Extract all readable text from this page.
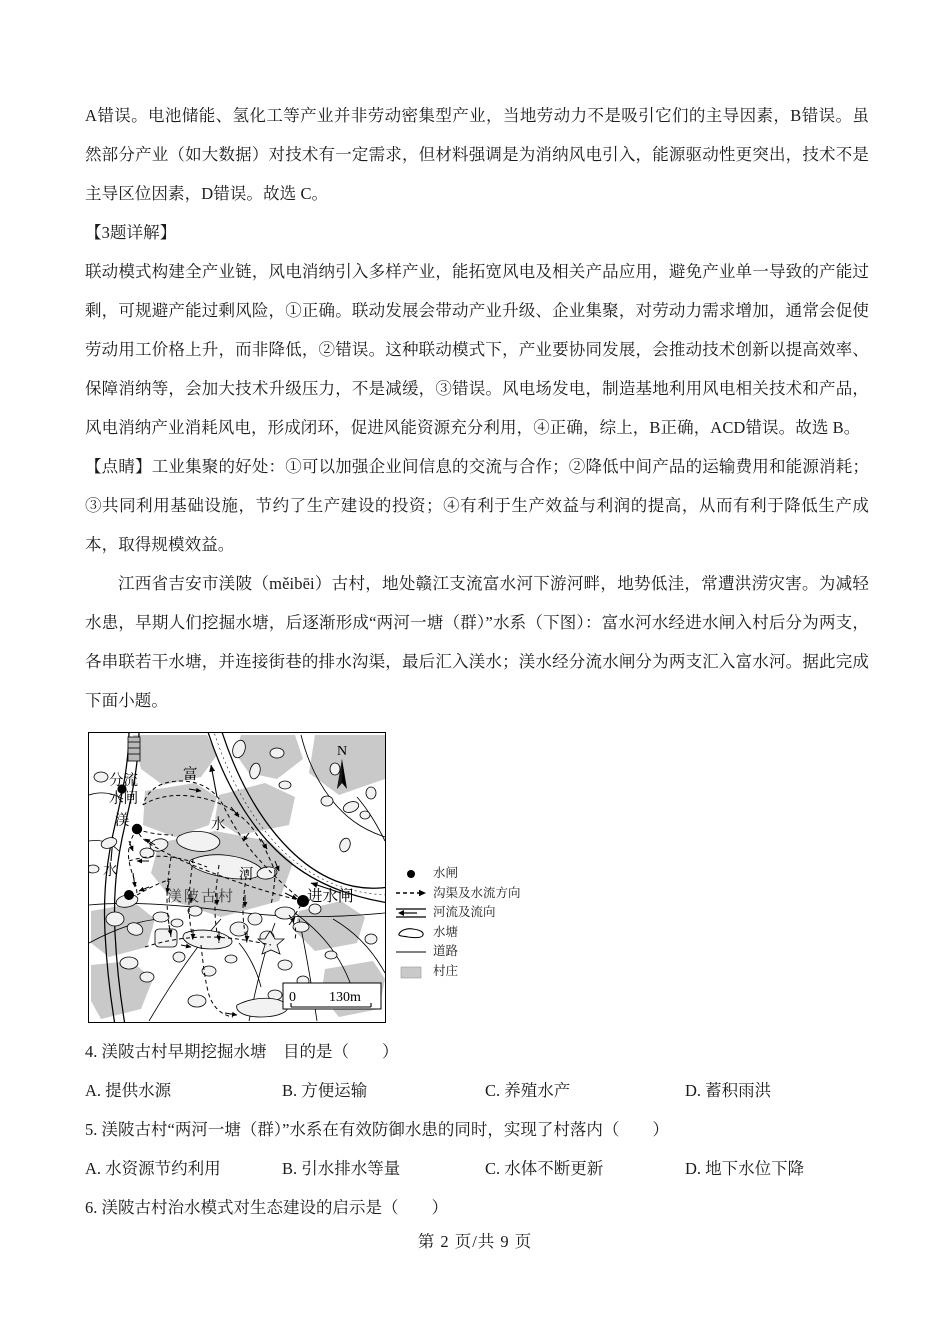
A错误。电池储能、氢化工等产业并非劳动密集型产业，当地劳动力不是吸引它们的主导因素，B错误。虽然部分产业（如大数据）对技术有一定需求，但材料强调是为消纳风电引入，能源驱动性更突出，技术不是主导区位因素，D错误。故选 C。

【3题详解】

联动模式构建全产业链，风电消纳引入多样产业，能拓宽风电及相关产品应用，避免产业单一导致的产能过剩，可规避产能过剩风险，①正确。联动发展会带动产业升级、企业集聚，对劳动力需求增加，通常会促使劳动用工价格上升，而非降低，②错误。这种联动模式下，产业要协同发展，会推动技术创新以提高效率、保障消纳等，会加大技术升级压力，不是减缓，③错误。风电场发电，制造基地利用风电相关技术和产品，风电消纳产业消耗风电，形成闭环，促进风能资源充分利用，④正确，综上，B正确，ACD错误。故选 B。

【点睛】工业集聚的好处：①可以加强企业间信息的交流与合作；②降低中间产品的运输费用和能源消耗；③共同利用基础设施，节约了生产建设的投资；④有利于生产效益与利润的提高，从而有利于降低生产成本，取得规模效益。

江西省吉安市渼陂（měibēi）古村，地处赣江支流富水河下游河畔，地势低洼，常遭洪涝灾害。为减轻水患，早期人们挖掘水塘，后逐渐形成“两河一塘（群）”水系（下图）：富水河水经进水闸入村后分为两支，各串联若干水塘，并连接街巷的排水沟渠，最后汇入渼水；渼水经分流水闸分为两支汇入富水河。据此完成下面小题。

分流
水闸
渼
水
富
水
河
进水闸
渼陂古村
N
0 130m
水闸
沟渠及水流方向
河流及流向
水塘
道路
村庄

4. 渼陂古村早期挖掘水塘　目的是（　　）

A. 提供水源	B. 方便运输	C. 养殖水产	D. 蓄积雨洪

5. 渼陂古村“两河一塘（群）”水系在有效防御水患的同时，实现了村落内（　　）

A. 水资源节约利用	B. 引水排水等量	C. 水体不断更新	D. 地下水位下降

6. 渼陂古村治水模式对生态建设的启示是（　　）

第 2 页/共 9 页
